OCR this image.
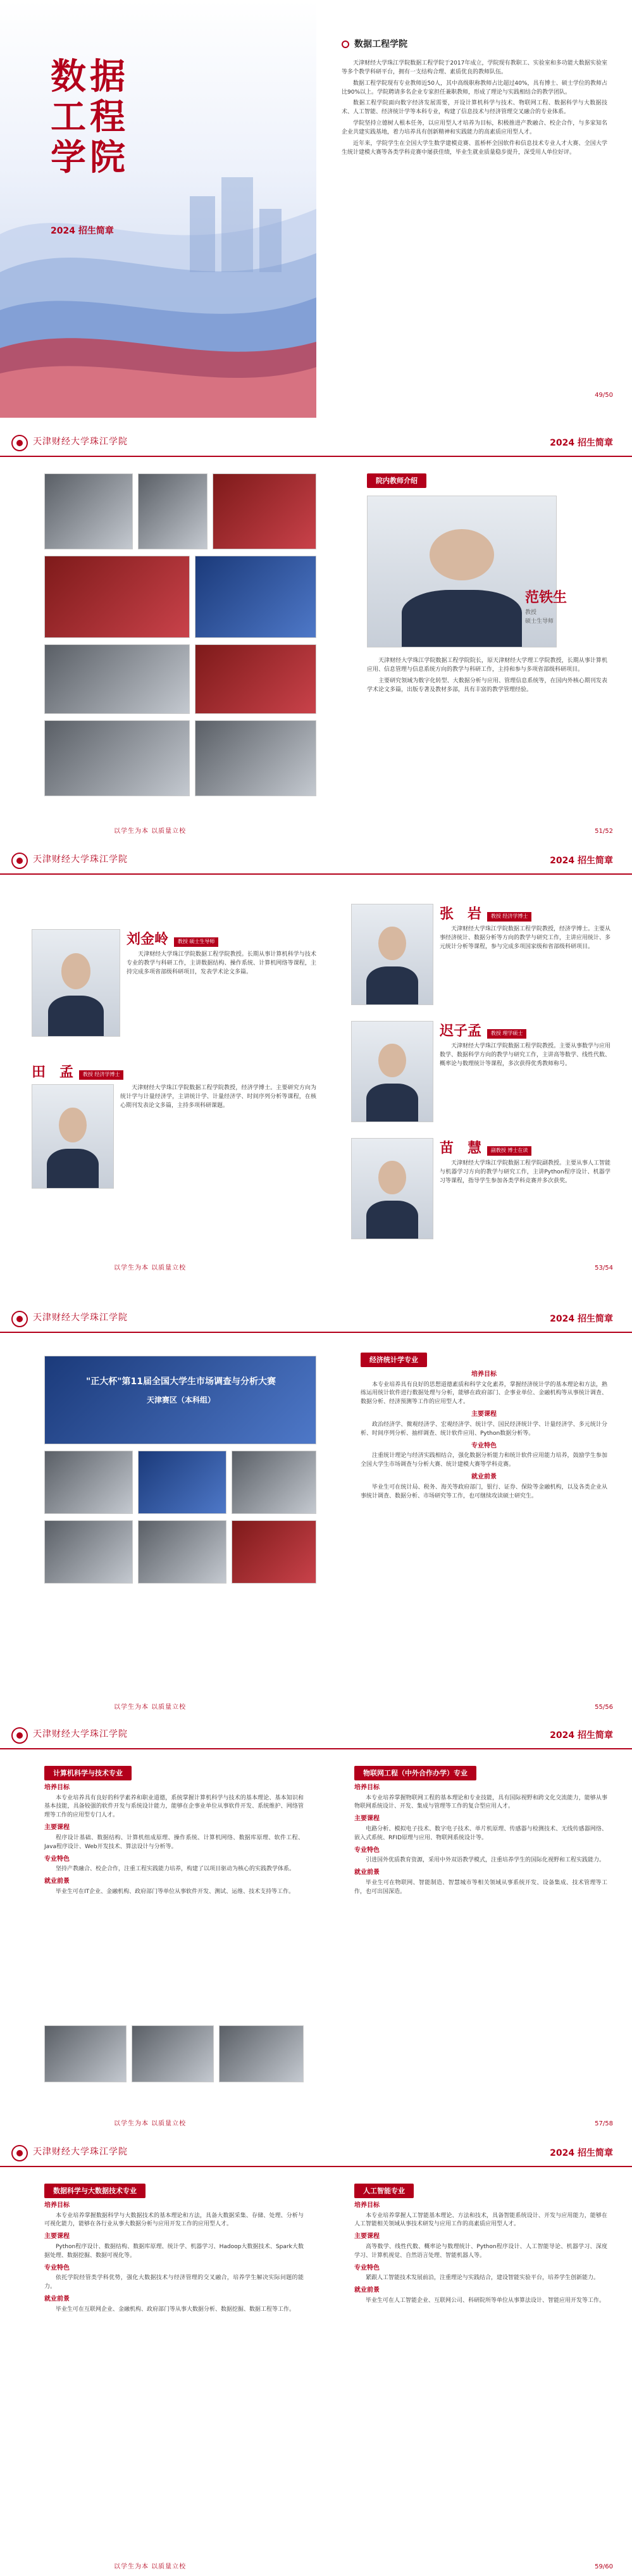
数据
工程
学院
2024 招生简章
数据工程学院

天津财经大学珠江学院数据工程学院于2017年成立，学院现有教职工、实验室和多功能大数据实验室等多个教学科研平台，拥有一支结构合理、素质优良的教师队伍。

数据工程学院现有专业教师近50人，其中高级职称教师占比超过40%，具有博士、硕士学位的教师占比90%以上。学院聘请多名企业专家担任兼职教师，形成了理论与实践相结合的教学团队。

数据工程学院面向数字经济发展需要，开设计算机科学与技术、物联网工程、数据科学与大数据技术、人工智能、经济统计学等本科专业，构建了信息技术与经济管理交叉融合的专业体系。

学院坚持立德树人根本任务，以应用型人才培养为目标，积极推进产教融合、校企合作，与多家知名企业共建实践基地，着力培养具有创新精神和实践能力的高素质应用型人才。

近年来，学院学生在全国大学生数学建模竞赛、蓝桥杯全国软件和信息技术专业人才大赛、全国大学生统计建模大赛等各类学科竞赛中屡获佳绩，毕业生就业质量稳步提升，深受用人单位好评。

49/50
天津财经大学珠江学院	2024 招生简章
院内教师介绍
范铁生
教授
硕士生导师

天津财经大学珠江学院数据工程学院院长，原天津财经大学理工学院教授，长期从事计算机应用、信息管理与信息系统方向的教学与科研工作，主持和参与多项省部级科研项目。

主要研究领域为数字化转型、大数据分析与应用、管理信息系统等，在国内外核心期刊发表学术论文多篇，出版专著及教材多部，具有丰富的教学管理经验。

以学生为本 以质量立校	51/52
天津财经大学珠江学院	2024 招生简章
刘金岭 教授 硕士生导师

天津财经大学珠江学院数据工程学院教授。长期从事计算机科学与技术专业的教学与科研工作，主讲数据结构、操作系统、计算机网络等课程，主持完成多项省部级科研项目，发表学术论文多篇。

田　孟 教授 经济学博士

天津财经大学珠江学院数据工程学院教授，经济学博士。主要研究方向为统计学与计量经济学，主讲统计学、计量经济学、时间序列分析等课程，在核心期刊发表论文多篇，主持多项科研课题。

张　岩 教授 经济学博士

天津财经大学珠江学院数据工程学院教授，经济学博士。主要从事经济统计、数据分析等方向的教学与研究工作，主讲应用统计、多元统计分析等课程，参与完成多项国家级和省部级科研项目。

迟子孟 教授 理学硕士

天津财经大学珠江学院数据工程学院教授。主要从事数学与应用数学、数据科学方向的教学与研究工作，主讲高等数学、线性代数、概率论与数理统计等课程，多次获得优秀教师称号。

苗　慧 副教授 博士在读

天津财经大学珠江学院数据工程学院副教授。主要从事人工智能与机器学习方向的教学与研究工作，主讲Python程序设计、机器学习等课程，指导学生参加各类学科竞赛并多次获奖。

以学生为本 以质量立校	53/54
天津财经大学珠江学院	2024 招生简章
"正大杯"第11届全国大学生市场调查与分析大赛
天津赛区（本科组）
经济统计学专业
培养目标

本专业培养具有良好的思想道德素质和科学文化素养，掌握经济统计学的基本理论和方法，熟练运用统计软件进行数据处理与分析，能够在政府部门、企事业单位、金融机构等从事统计调查、数据分析、经济预测等工作的应用型人才。

主要课程

政治经济学、微观经济学、宏观经济学、统计学、国民经济统计学、计量经济学、多元统计分析、时间序列分析、抽样调查、统计软件应用、Python数据分析等。

专业特色

注重统计理论与经济实践相结合，强化数据分析能力和统计软件应用能力培养，鼓励学生参加全国大学生市场调查与分析大赛、统计建模大赛等学科竞赛。

就业前景

毕业生可在统计局、税务、海关等政府部门，银行、证券、保险等金融机构，以及各类企业从事统计调查、数据分析、市场研究等工作，也可继续攻读硕士研究生。

以学生为本 以质量立校	55/56
天津财经大学珠江学院	2024 招生简章
计算机科学与技术专业
培养目标

本专业培养具有良好的科学素养和职业道德，系统掌握计算机科学与技术的基本理论、基本知识和基本技能，具备较强的软件开发与系统设计能力，能够在企事业单位从事软件开发、系统维护、网络管理等工作的应用型专门人才。

主要课程

程序设计基础、数据结构、计算机组成原理、操作系统、计算机网络、数据库原理、软件工程、Java程序设计、Web开发技术、算法设计与分析等。

专业特色

坚持产教融合、校企合作，注重工程实践能力培养，构建了以项目驱动为核心的实践教学体系。

就业前景

毕业生可在IT企业、金融机构、政府部门等单位从事软件开发、测试、运维、技术支持等工作。

物联网工程（中外合作办学）专业
培养目标

本专业培养掌握物联网工程的基本理论和专业技能，具有国际视野和跨文化交流能力，能够从事物联网系统设计、开发、集成与管理等工作的复合型应用人才。

主要课程

电路分析、模拟电子技术、数字电子技术、单片机原理、传感器与检测技术、无线传感器网络、嵌入式系统、RFID原理与应用、物联网系统设计等。

专业特色

引进国外优质教育资源，采用中外双语教学模式，注重培养学生的国际化视野和工程实践能力。

就业前景

毕业生可在物联网、智能制造、智慧城市等相关领域从事系统开发、设备集成、技术管理等工作，也可出国深造。

以学生为本 以质量立校	57/58
天津财经大学珠江学院	2024 招生简章
数据科学与大数据技术专业
培养目标

本专业培养掌握数据科学与大数据技术的基本理论和方法，具备大数据采集、存储、处理、分析与可视化能力，能够在各行业从事大数据分析与应用开发工作的应用型人才。

主要课程

Python程序设计、数据结构、数据库原理、统计学、机器学习、Hadoop大数据技术、Spark大数据处理、数据挖掘、数据可视化等。

专业特色

依托学院经管类学科优势，强化大数据技术与经济管理的交叉融合，培养学生解决实际问题的能力。

就业前景

毕业生可在互联网企业、金融机构、政府部门等从事大数据分析、数据挖掘、数据工程等工作。

人工智能专业
培养目标

本专业培养掌握人工智能基本理论、方法和技术，具备智能系统设计、开发与应用能力，能够在人工智能相关领域从事技术研发与应用工作的高素质应用型人才。

主要课程

高等数学、线性代数、概率论与数理统计、Python程序设计、人工智能导论、机器学习、深度学习、计算机视觉、自然语言处理、智能机器人等。

专业特色

紧跟人工智能技术发展前沿，注重理论与实践结合，建设智能实验平台，培养学生创新能力。

就业前景

毕业生可在人工智能企业、互联网公司、科研院所等单位从事算法设计、智能应用开发等工作。

以学生为本 以质量立校	59/60
